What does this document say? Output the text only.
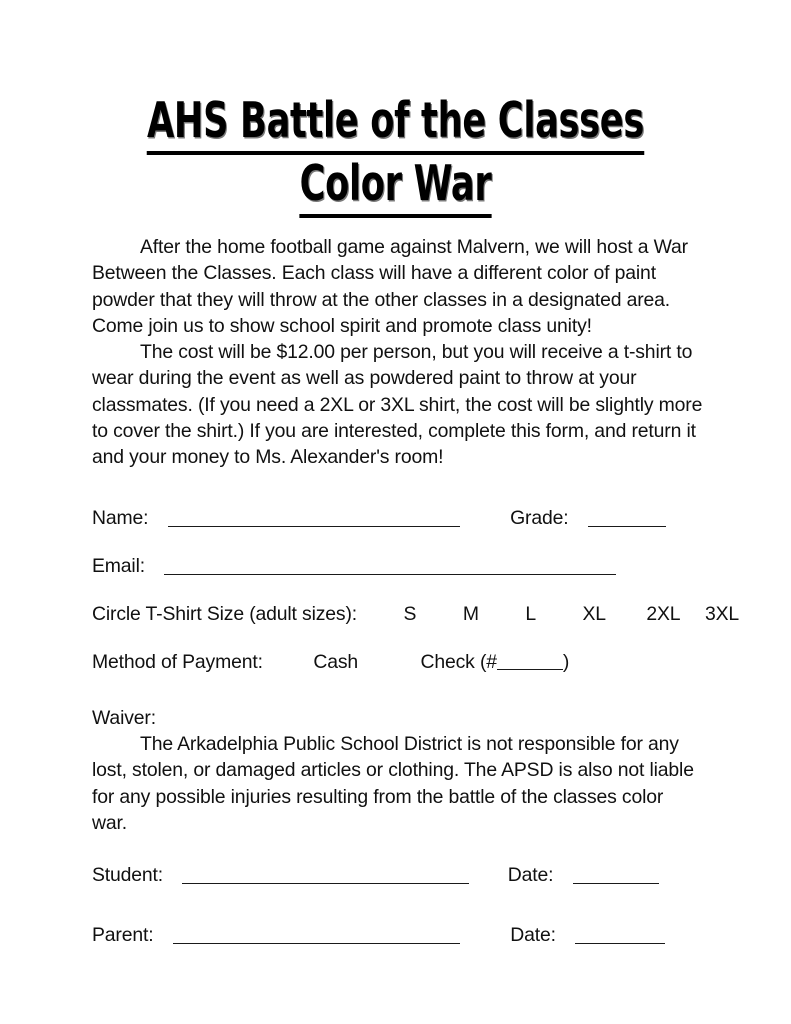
AHS Battle of the Classes
Color War

After the home football game against Malvern, we will host a War Between the Classes. Each class will have a different color of paint powder that they will throw at the other classes in a designated area. Come join us to show school spirit and promote class unity!

The cost will be $12.00 per person, but you will receive a t-shirt to wear during the event as well as powdered paint to throw at your classmates. (If you need a 2XL or 3XL shirt, the cost will be slightly more to cover the shirt.) If you are interested, complete this form, and return it and your money to Ms. Alexander's room!

Name:	Grade:
Email:
Circle T-Shirt Size (adult sizes): S M L XL 2XL 3XL
Method of Payment:	Cash	Check (#	)

Waiver:

The Arkadelphia Public School District is not responsible for any lost, stolen, or damaged articles or clothing. The APSD is also not liable for any possible injuries resulting from the battle of the classes color war.

Student:	Date:
Parent:	Date:
